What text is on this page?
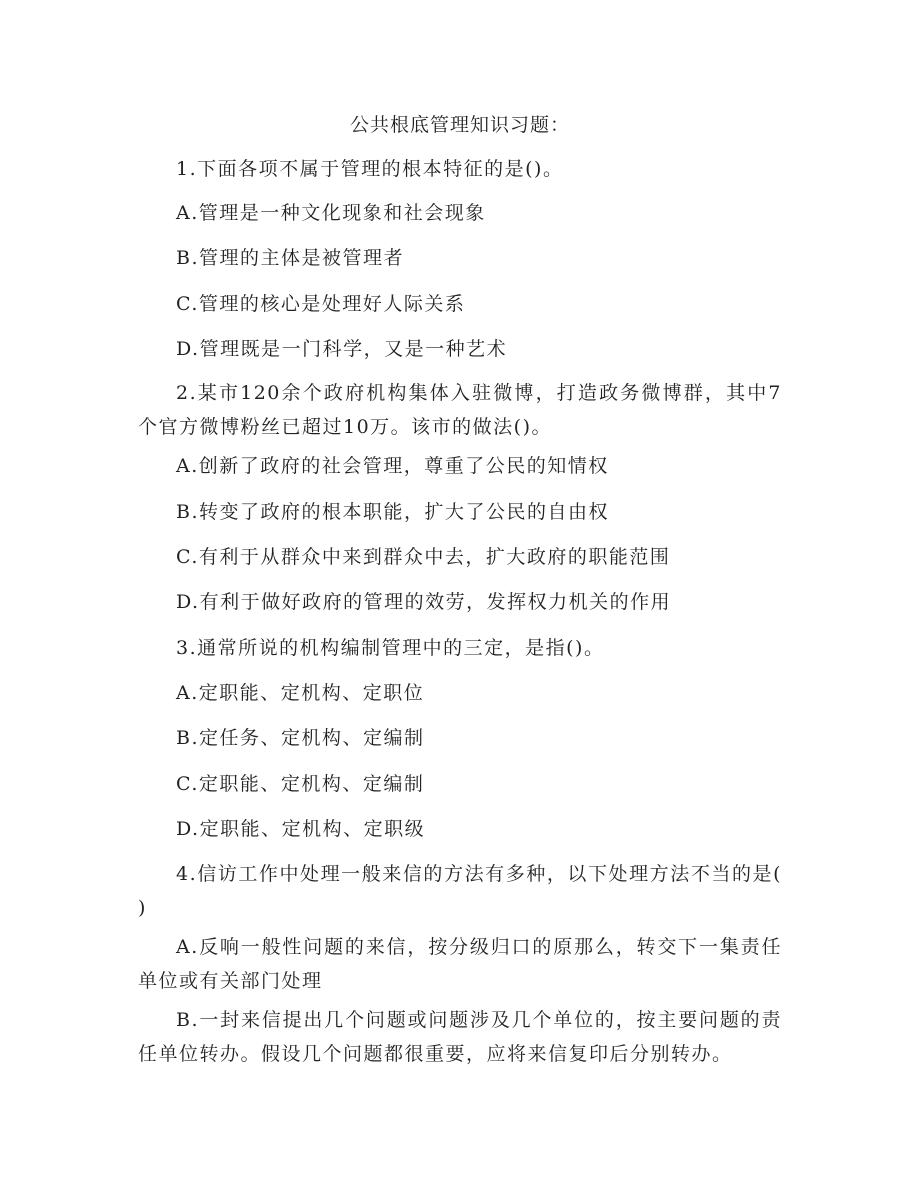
公共根底管理知识习题：
1.下面各项不属于管理的根本特征的是()。
A.管理是一种文化现象和社会现象
B.管理的主体是被管理者
C.管理的核心是处理好人际关系
D.管理既是一门科学，又是一种艺术
2.某市120余个政府机构集体入驻微博，打造政务微博群，其中7个官方微博粉丝已超过10万。该市的做法()。
A.创新了政府的社会管理，尊重了公民的知情权
B.转变了政府的根本职能，扩大了公民的自由权
C.有利于从群众中来到群众中去，扩大政府的职能范围
D.有利于做好政府的管理的效劳，发挥权力机关的作用
3.通常所说的机构编制管理中的三定，是指()。
A.定职能、定机构、定职位
B.定任务、定机构、定编制
C.定职能、定机构、定编制
D.定职能、定机构、定职级
4.信访工作中处理一般来信的方法有多种，以下处理方法不当的是( )
A.反响一般性问题的来信，按分级归口的原那么，转交下一集责任单位或有关部门处理
B.一封来信提出几个问题或问题涉及几个单位的，按主要问题的责任单位转办。假设几个问题都很重要，应将来信复印后分别转办。
